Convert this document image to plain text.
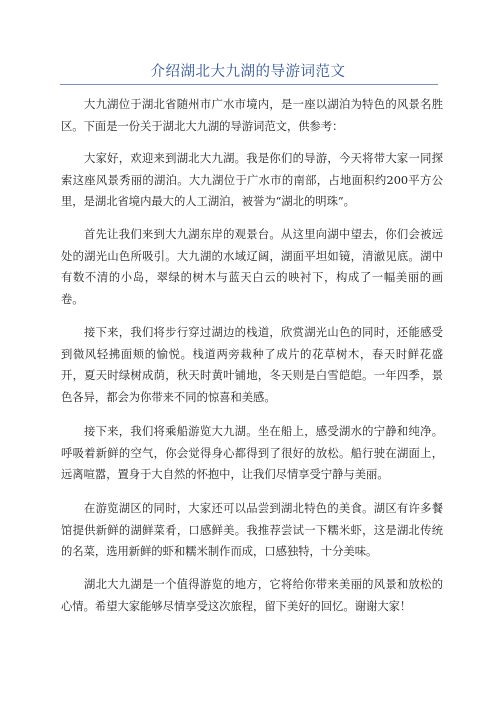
介绍湖北大九湖的导游词范文

大九湖位于湖北省随州市广水市境内，是一座以湖泊为特色的风景名胜区。下面是一份关于湖北大九湖的导游词范文，供参考：

大家好，欢迎来到湖北大九湖。我是你们的导游，今天将带大家一同探索这座风景秀丽的湖泊。大九湖位于广水市的南部，占地面积约200平方公里，是湖北省境内最大的人工湖泊，被誉为“湖北的明珠”。

首先让我们来到大九湖东岸的观景台。从这里向湖中望去，你们会被远处的湖光山色所吸引。大九湖的水域辽阔，湖面平坦如镜，清澈见底。湖中有数不清的小岛，翠绿的树木与蓝天白云的映衬下，构成了一幅美丽的画卷。

接下来，我们将步行穿过湖边的栈道，欣赏湖光山色的同时，还能感受到微风轻拂面颊的愉悦。栈道两旁栽种了成片的花草树木，春天时鲜花盛开，夏天时绿树成荫，秋天时黄叶铺地，冬天则是白雪皑皑。一年四季，景色各异，都会为你带来不同的惊喜和美感。

接下来，我们将乘船游览大九湖。坐在船上，感受湖水的宁静和纯净。呼吸着新鲜的空气，你会觉得身心都得到了很好的放松。船行驶在湖面上，远离喧嚣，置身于大自然的怀抱中，让我们尽情享受宁静与美丽。

在游览湖区的同时，大家还可以品尝到湖北特色的美食。湖区有许多餐馆提供新鲜的湖鲜菜肴，口感鲜美。我推荐尝试一下糯米虾，这是湖北传统的名菜，选用新鲜的虾和糯米制作而成，口感独特，十分美味。

湖北大九湖是一个值得游览的地方，它将给你带来美丽的风景和放松的心情。希望大家能够尽情享受这次旅程，留下美好的回忆。谢谢大家！
